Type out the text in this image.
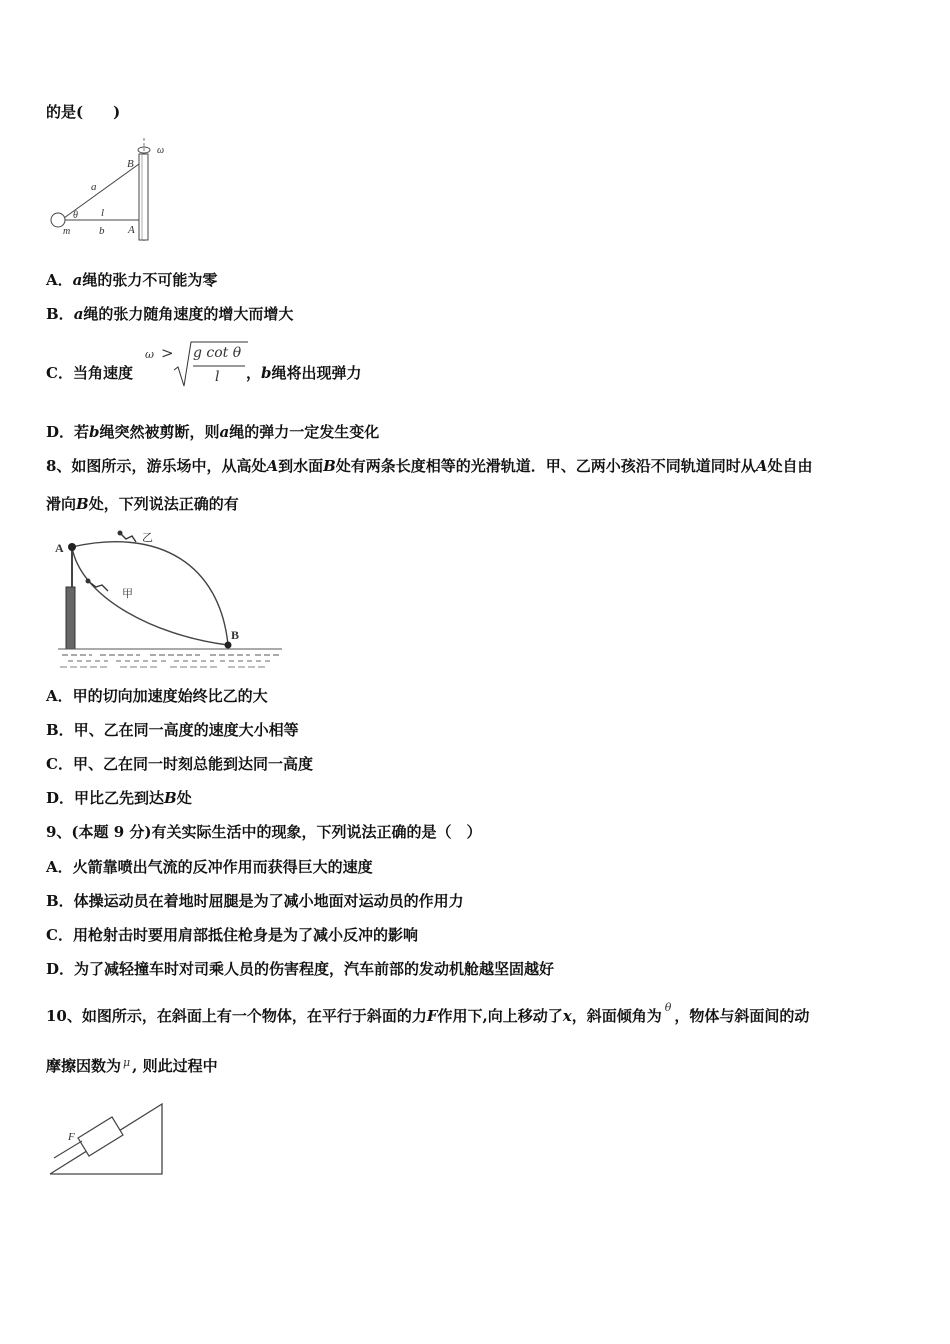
的是(　　)
B
A
a
l
b
θ
m
ω
A．a绳的张力不可能为零
B．a绳的张力随角速度的增大而增大
C．当角速度
ω > g cot θ
l ，b绳将出现弹力
D．若b绳突然被剪断，则a绳的弹力一定发生变化
8、如图所示，游乐场中，从高处A到水面B处有两条长度相等的光滑轨道．甲、乙两小孩沿不同轨道同时从A处自由
滑向B处，下列说法正确的有
A
B
乙
甲
A．甲的切向加速度始终比乙的大
B．甲、乙在同一高度的速度大小相等
C．甲、乙在同一时刻总能到达同一高度
D．甲比乙先到达B处
9、(本题 9 分)有关实际生活中的现象，下列说法正确的是（　）
A．火箭靠喷出气流的反冲作用而获得巨大的速度
B．体操运动员在着地时屈腿是为了减小地面对运动员的作用力
C．用枪射击时要用肩部抵住枪身是为了减小反冲的影响
D．为了减轻撞车时对司乘人员的伤害程度，汽车前部的发动机舱越坚固越好
10、如图所示，在斜面上有一个物体，在平行于斜面的力F作用下,向上移动了x，斜面倾角为 $^\theta$ ，物体与斜面间的动
摩擦因数为 $^\mu$ , 则此过程中
F
